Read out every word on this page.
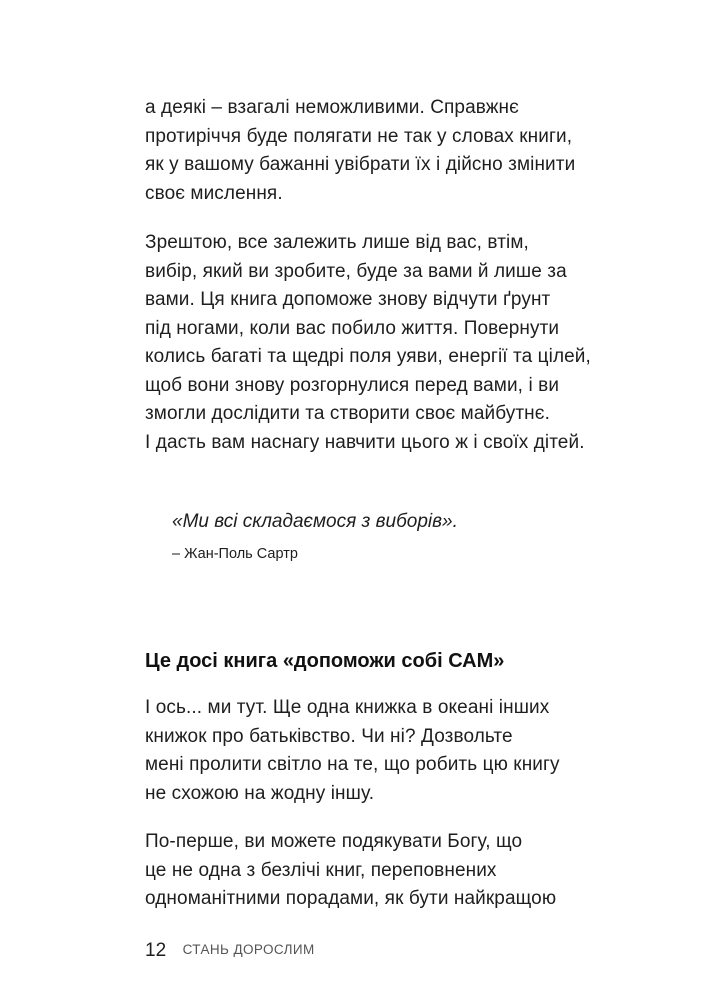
а деякі – взагалі неможливими. Справжнє
протиріччя буде полягати не так у словах книги,
як у вашому бажанні увібрати їх і дійсно змінити
своє мислення.

Зрештою, все залежить лише від вас, втім,
вибір, який ви зробите, буде за вами й лише за
вами. Ця книга допоможе знову відчути ґрунт
під ногами, коли вас побило життя. Повернути
колись багаті та щедрі поля уяви, енергії та цілей,
щоб вони знову розгорнулися перед вами, і ви
змогли дослідити та створити своє майбутнє.
І дасть вам наснагу навчити цього ж і своїх дітей.

«Ми всі складаємося з виборів».
– Жан-Поль Сартр
Це досі книга «допоможи собі САМ»

І ось... ми тут. Ще одна книжка в океані інших
книжок про батьківство. Чи ні? Дозвольте
мені пролити світло на те, що робить цю книгу
не схожою на жодну іншу.

По-перше, ви можете подякувати Богу, що
це не одна з безлічі книг, переповнених
одноманітними порадами, як бути найкращою

12 СТАНЬ ДОРОСЛИМ
